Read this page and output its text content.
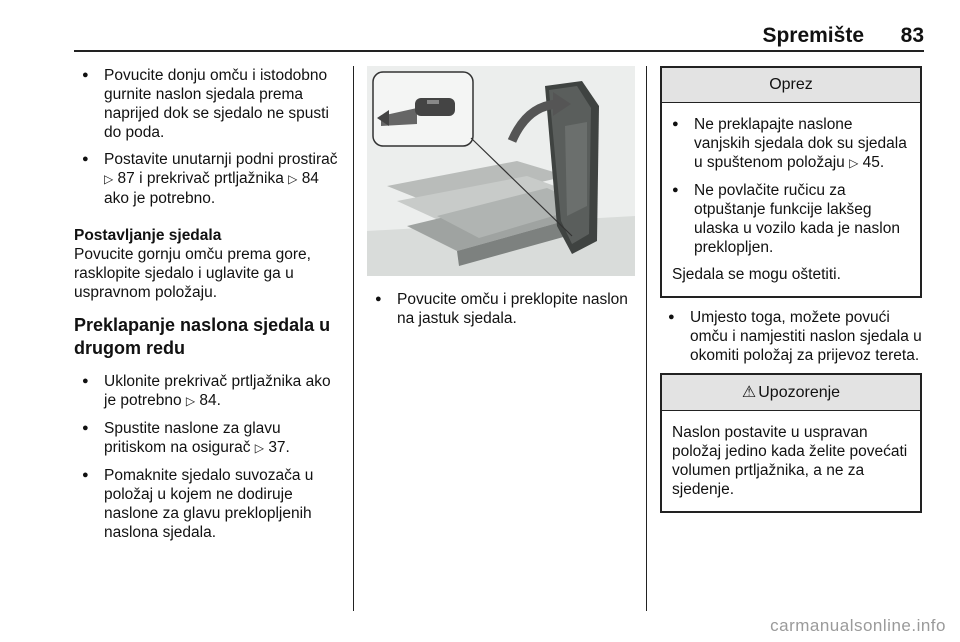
Spremište 83
● Povucite donju omču i istodobno gurnite naslon sjedala prema naprijed dok se sjedalo ne spusti do poda.
● Postavite unutarnji podni prostirač ▷ 87 i prekrivač prtljažnika ▷ 84 ako je potrebno.
Postavljanje sjedala

Povucite gornju omču prema gore, rasklopite sjedalo i uglavite ga u uspravnom položaju.

Preklapanje naslona sjedala u drugom redu
● Uklonite prekrivač prtljažnika ako je potrebno ▷ 84.
● Spustite naslone za glavu pritiskom na osigurač ▷ 37.
● Pomaknite sjedalo suvozača u položaj u kojem ne dodiruje naslone za glavu preklopljenih naslona sjedala.
● Povucite omču i preklopite naslon na jastuk sjedala.
Oprez
● Ne preklapajte naslone vanjskih sjedala dok su sjedala u spuštenom položaju ▷ 45.
● Ne povlačite ručicu za otpuštanje funkcije lakšeg ulaska u vozilo kada je naslon preklopljen.

Sjedala se mogu oštetiti.

● Umjesto toga, možete povući omču i namjestiti naslon sjedala u okomiti položaj za prijevoz tereta.
⚠ Upozorenje

Naslon postavite u uspravan položaj jedino kada želite povećati volumen prtljažnika, a ne za sjedenje.

carmanualsonline.info
